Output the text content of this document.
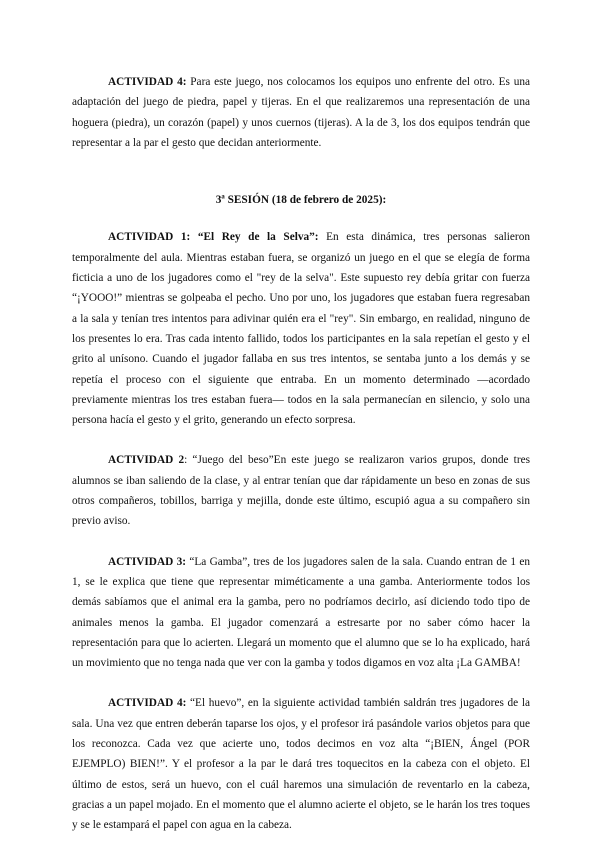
ACTIVIDAD 4: Para este juego, nos colocamos los equipos uno enfrente del otro. Es una adaptación del juego de piedra, papel y tijeras. En el que realizaremos una representación de una hoguera (piedra), un corazón (papel) y unos cuernos (tijeras). A la de 3, los dos equipos tendrán que representar a la par el gesto que decidan anteriormente.

3ª SESIÓN (18 de febrero de 2025):

ACTIVIDAD 1: “El Rey de la Selva”: En esta dinámica, tres personas salieron temporalmente del aula. Mientras estaban fuera, se organizó un juego en el que se elegía de forma ficticia a uno de los jugadores como el "rey de la selva". Este supuesto rey debía gritar con fuerza “¡YOOO!” mientras se golpeaba el pecho. Uno por uno, los jugadores que estaban fuera regresaban a la sala y tenían tres intentos para adivinar quién era el "rey". Sin embargo, en realidad, ninguno de los presentes lo era. Tras cada intento fallido, todos los participantes en la sala repetían el gesto y el grito al unísono. Cuando el jugador fallaba en sus tres intentos, se sentaba junto a los demás y se repetía el proceso con el siguiente que entraba. En un momento determinado —acordado previamente mientras los tres estaban fuera— todos en la sala permanecían en silencio, y solo una persona hacía el gesto y el grito, generando un efecto sorpresa.

ACTIVIDAD 2: “Juego del beso”En este juego se realizaron varios grupos, donde tres alumnos se iban saliendo de la clase, y al entrar tenían que dar rápidamente un beso en zonas de sus otros compañeros, tobillos, barriga y mejilla, donde este último, escupió agua a su compañero sin previo aviso.

ACTIVIDAD 3: “La Gamba”, tres de los jugadores salen de la sala. Cuando entran de 1 en 1, se le explica que tiene que representar miméticamente a una gamba. Anteriormente todos los demás sabíamos que el animal era la gamba, pero no podríamos decirlo, así diciendo todo tipo de animales menos la gamba. El jugador comenzará a estresarte por no saber cómo hacer la representación para que lo acierten. Llegará un momento que el alumno que se lo ha explicado, hará un movimiento que no tenga nada que ver con la gamba y todos digamos en voz alta ¡La GAMBA!

ACTIVIDAD 4: “El huevo”, en la siguiente actividad también saldrán tres jugadores de la sala. Una vez que entren deberán taparse los ojos, y el profesor irá pasándole varios objetos para que los reconozca. Cada vez que acierte uno, todos decimos en voz alta “¡BIEN, Ángel (POR EJEMPLO) BIEN!”. Y el profesor a la par le dará tres toquecitos en la cabeza con el objeto. El último de estos, será un huevo, con el cuál haremos una simulación de reventarlo en la cabeza, gracias a un papel mojado. En el momento que el alumno acierte el objeto, se le harán los tres toques y se le estampará el papel con agua en la cabeza.
